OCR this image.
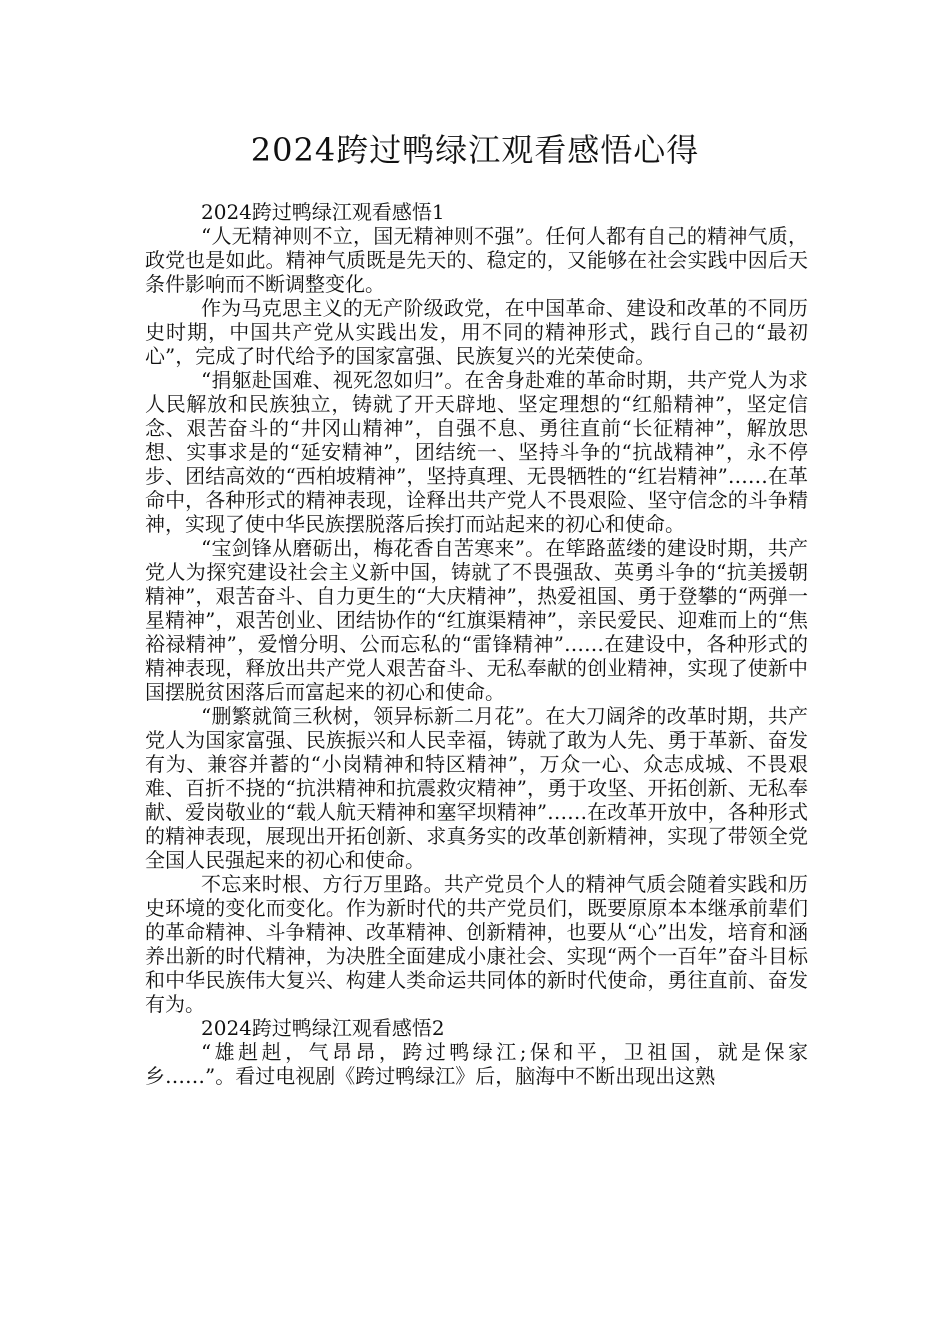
2024跨过鸭绿江观看感悟心得

2024跨过鸭绿江观看感悟1

“人无精神则不立，国无精神则不强”。任何人都有自己的精神气质，政党也是如此。精神气质既是先天的、稳定的，又能够在社会实践中因后天条件影响而不断调整变化。

作为马克思主义的无产阶级政党，在中国革命、建设和改革的不同历史时期，中国共产党从实践出发，用不同的精神形式，践行自己的“最初心”，完成了时代给予的国家富强、民族复兴的光荣使命。

“捐躯赴国难、视死忽如归”。在舍身赴难的革命时期，共产党人为求人民解放和民族独立，铸就了开天辟地、坚定理想的“红船精神”，坚定信念、艰苦奋斗的“井冈山精神”，自强不息、勇往直前“长征精神”，解放思想、实事求是的“延安精神”，团结统一、坚持斗争的“抗战精神”，永不停步、团结高效的“西柏坡精神”，坚持真理、无畏牺牲的“红岩精神”……在革命中，各种形式的精神表现，诠释出共产党人不畏艰险、坚守信念的斗争精神，实现了使中华民族摆脱落后挨打而站起来的初心和使命。

“宝剑锋从磨砺出，梅花香自苦寒来”。在筚路蓝缕的建设时期，共产党人为探究建设社会主义新中国，铸就了不畏强敌、英勇斗争的“抗美援朝精神”，艰苦奋斗、自力更生的“大庆精神”，热爱祖国、勇于登攀的“两弹一星精神”，艰苦创业、团结协作的“红旗渠精神”，亲民爱民、迎难而上的“焦裕禄精神”，爱憎分明、公而忘私的“雷锋精神”……在建设中，各种形式的精神表现，释放出共产党人艰苦奋斗、无私奉献的创业精神，实现了使新中国摆脱贫困落后而富起来的初心和使命。

“删繁就简三秋树，领异标新二月花”。在大刀阔斧的改革时期，共产党人为国家富强、民族振兴和人民幸福，铸就了敢为人先、勇于革新、奋发有为、兼容并蓄的“小岗精神和特区精神”，万众一心、众志成城、不畏艰难、百折不挠的“抗洪精神和抗震救灾精神”，勇于攻坚、开拓创新、无私奉献、爱岗敬业的“载人航天精神和塞罕坝精神”……在改革开放中，各种形式的精神表现，展现出开拓创新、求真务实的改革创新精神，实现了带领全党全国人民强起来的初心和使命。

不忘来时根、方行万里路。共产党员个人的精神气质会随着实践和历史环境的变化而变化。作为新时代的共产党员们，既要原原本本继承前辈们的革命精神、斗争精神、改革精神、创新精神，也要从“心”出发，培育和涵养出新的时代精神，为决胜全面建成小康社会、实现“两个一百年”奋斗目标和中华民族伟大复兴、构建人类命运共同体的新时代使命，勇往直前、奋发有为。

2024跨过鸭绿江观看感悟2

“雄赳赳，气昂昂，跨过鸭绿江;保和平，卫祖国，就是保家乡……”。看过电视剧《跨过鸭绿江》后，脑海中不断出现出这熟
